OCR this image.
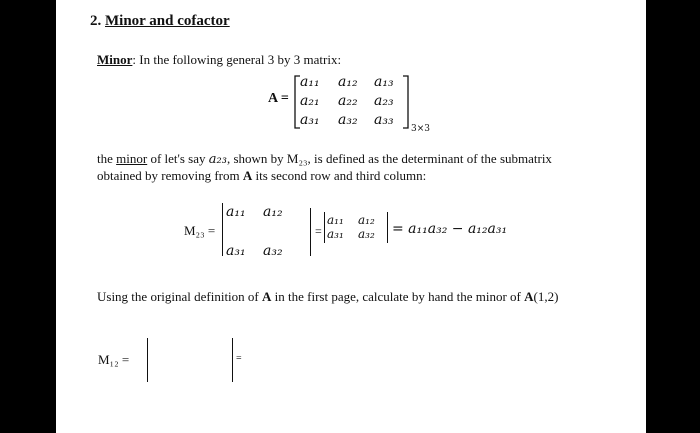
2. Minor and cofactor
Minor: In the following general 3 by 3 matrix:
A =
a₁₁ a₁₂ a₁₃
a₂₁ a₂₂ a₂₃
a₃₁ a₃₂ a₃₃
3×3
the minor of let's say a₂₃, shown by M₂₃, is defined as the determinant of the submatrix
obtained by removing from A its second row and third column:
M₂₃ =
a₁₁ a₁₂
a₃₁ a₃₂
=
a₁₁ a₁₂
a₃₁ a₃₂ = a₁₁a₃₂ − a₁₂a₃₁
Using the original definition of A in the first page, calculate by hand the minor of A(1,2)
M₁₂ =	=
